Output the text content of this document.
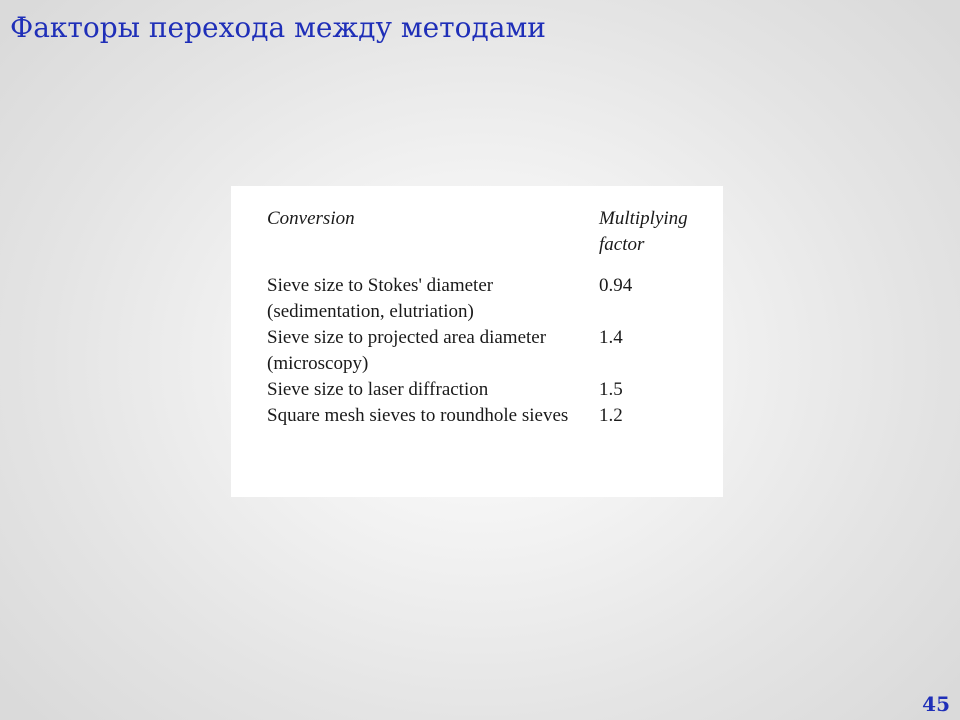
Факторы перехода между методами
Conversion	Multiplying factor
Sieve size to Stokes' diameter (sedimentation, elutriation)	0.94
Sieve size to projected area diameter (microscopy)	1.4
Sieve size to laser diffraction	1.5
Square mesh sieves to roundhole sieves	1.2
45
